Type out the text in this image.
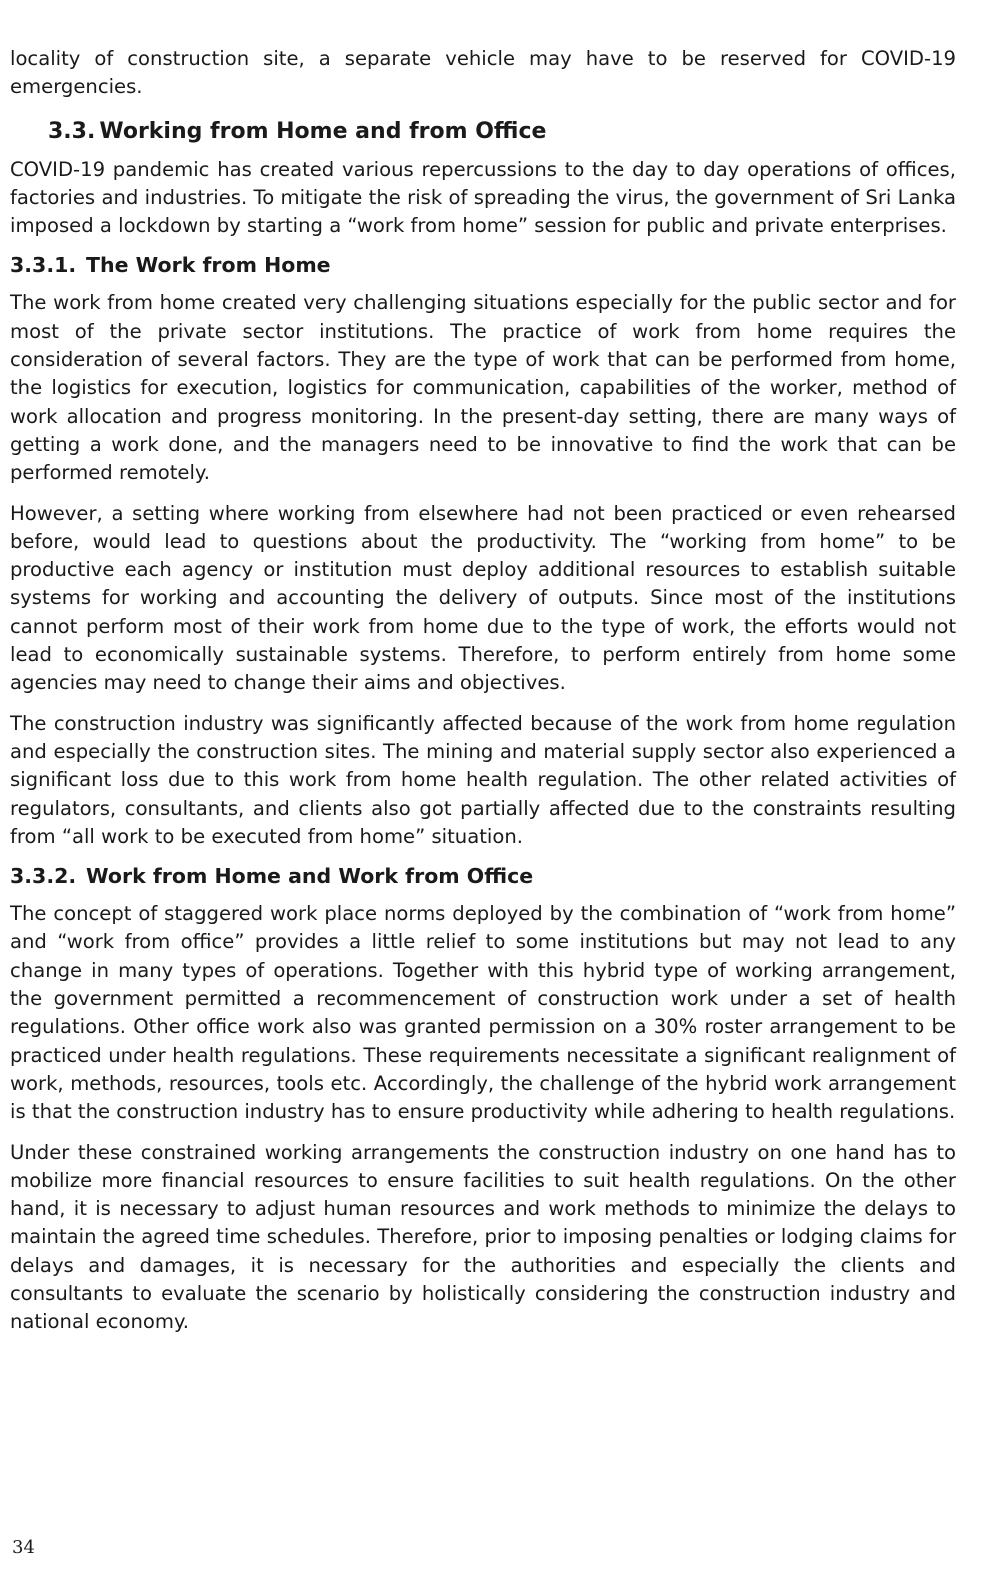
locality of construction site, a separate vehicle may have to be reserved for COVID-19 emergencies.

3.3. Working from Home and from Office

COVID-19 pandemic has created various repercussions to the day to day operations of offices, factories and industries. To mitigate the risk of spreading the virus, the government of Sri Lanka imposed a lockdown by starting a “work from home” session for public and private enterprises.

3.3.1. The Work from Home

The work from home created very challenging situations especially for the public sector and for most of the private sector institutions. The practice of work from home requires the consideration of several factors. They are the type of work that can be performed from home, the logistics for execution, logistics for communication, capabilities of the worker, method of work allocation and progress monitoring. In the present-day setting, there are many ways of getting a work done, and the managers need to be innovative to find the work that can be performed remotely.

However, a setting where working from elsewhere had not been practiced or even rehearsed before, would lead to questions about the productivity. The “working from home” to be productive each agency or institution must deploy additional resources to establish suitable systems for working and accounting the delivery of outputs. Since most of the institutions cannot perform most of their work from home due to the type of work, the efforts would not lead to economically sustainable systems. Therefore, to perform entirely from home some agencies may need to change their aims and objectives.

The construction industry was significantly affected because of the work from home regulation and especially the construction sites. The mining and material supply sector also experienced a significant loss due to this work from home health regulation. The other related activities of regulators, consultants, and clients also got partially affected due to the constraints resulting from “all work to be executed from home” situation.

3.3.2. Work from Home and Work from Office

The concept of staggered work place norms deployed by the combination of “work from home” and “work from office” provides a little relief to some institutions but may not lead to any change in many types of operations. Together with this hybrid type of working arrangement, the government permitted a recommencement of construction work under a set of health regulations. Other office work also was granted permission on a 30% roster arrangement to be practiced under health regulations. These requirements necessitate a significant realignment of work, methods, resources, tools etc. Accordingly, the challenge of the hybrid work arrangement is that the construction industry has to ensure productivity while adhering to health regulations.

Under these constrained working arrangements the construction industry on one hand has to mobilize more financial resources to ensure facilities to suit health regulations. On the other hand, it is necessary to adjust human resources and work methods to minimize the delays to maintain the agreed time schedules. Therefore, prior to imposing penalties or lodging claims for delays and damages, it is necessary for the authorities and especially the clients and consultants to evaluate the scenario by holistically considering the construction industry and national economy.

34
